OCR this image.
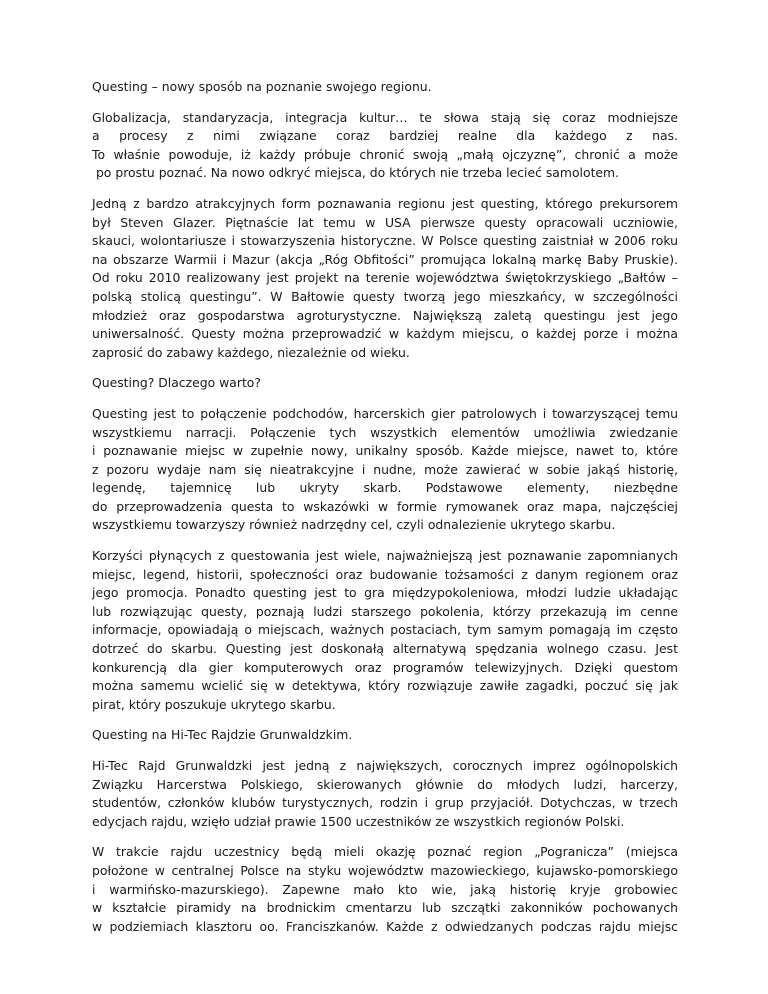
Questing – nowy sposób na poznanie swojego regionu.

Globalizacja, standaryzacja, integracja kultur… te słowa stają się coraz modniejsze
a procesy z nimi związane coraz bardziej realne dla każdego z nas.
To właśnie powoduje, iż każdy próbuje chronić swoją „małą ojczyznę”, chronić a może
po prostu poznać. Na nowo odkryć miejsca, do których nie trzeba lecieć samolotem.

Jedną z bardzo atrakcyjnych form poznawania regionu jest questing, którego prekursorem
był Steven Glazer. Piętnaście lat temu w USA pierwsze questy opracowali uczniowie,
skauci, wolontariusze i stowarzyszenia historyczne. W Polsce questing zaistniał w 2006 roku
na obszarze Warmii i Mazur (akcja „Róg Obfitości” promująca lokalną markę Baby Pruskie).
Od roku 2010 realizowany jest projekt na terenie województwa świętokrzyskiego „Bałtów –
polską stolicą questingu”. W Bałtowie questy tworzą jego mieszkańcy, w szczególności
młodzież oraz gospodarstwa agroturystyczne. Największą zaletą questingu jest jego
uniwersalność. Questy można przeprowadzić w każdym miejscu, o każdej porze i można
zaprosić do zabawy każdego, niezależnie od wieku.

Questing? Dlaczego warto?

Questing jest to połączenie podchodów, harcerskich gier patrolowych i towarzyszącej temu
wszystkiemu narracji. Połączenie tych wszystkich elementów umożliwia zwiedzanie
i poznawanie miejsc w zupełnie nowy, unikalny sposób. Każde miejsce, nawet to, które
z pozoru wydaje nam się nieatrakcyjne i nudne, może zawierać w sobie jakąś historię,
legendę, tajemnicę lub ukryty skarb. Podstawowe elementy, niezbędne
do przeprowadzenia questa to wskazówki w formie rymowanek oraz mapa, najczęściej
wszystkiemu towarzyszy również nadrzędny cel, czyli odnalezienie ukrytego skarbu.

Korzyści płynących z questowania jest wiele, najważniejszą jest poznawanie zapomnianych
miejsc, legend, historii, społeczności oraz budowanie tożsamości z danym regionem oraz
jego promocja. Ponadto questing jest to gra międzypokoleniowa, młodzi ludzie układając
lub rozwiązując questy, poznają ludzi starszego pokolenia, którzy przekazują im cenne
informacje, opowiadają o miejscach, ważnych postaciach, tym samym pomagają im często
dotrzeć do skarbu. Questing jest doskonałą alternatywą spędzania wolnego czasu. Jest
konkurencją dla gier komputerowych oraz programów telewizyjnych. Dzięki questom
można samemu wcielić się w detektywa, który rozwiązuje zawiłe zagadki, poczuć się jak
pirat, który poszukuje ukrytego skarbu.

Questing na Hi-Tec Rajdzie Grunwaldzkim.

Hi-Tec Rajd Grunwaldzki jest jedną z największych, corocznych imprez ogólnopolskich
Związku Harcerstwa Polskiego, skierowanych głównie do młodych ludzi, harcerzy,
studentów, członków klubów turystycznych, rodzin i grup przyjaciół. Dotychczas, w trzech
edycjach rajdu, wzięło udział prawie 1500 uczestników ze wszystkich regionów Polski.

W trakcie rajdu uczestnicy będą mieli okazję poznać region „Pogranicza” (miejsca
położone w centralnej Polsce na styku województw mazowieckiego, kujawsko-pomorskiego
i warmińsko-mazurskiego). Zapewne mało kto wie, jaką historię kryje grobowiec
w kształcie piramidy na brodnickim cmentarzu lub szczątki zakonników pochowanych
w podziemiach klasztoru oo. Franciszkanów. Każde z odwiedzanych podczas rajdu miejsc
